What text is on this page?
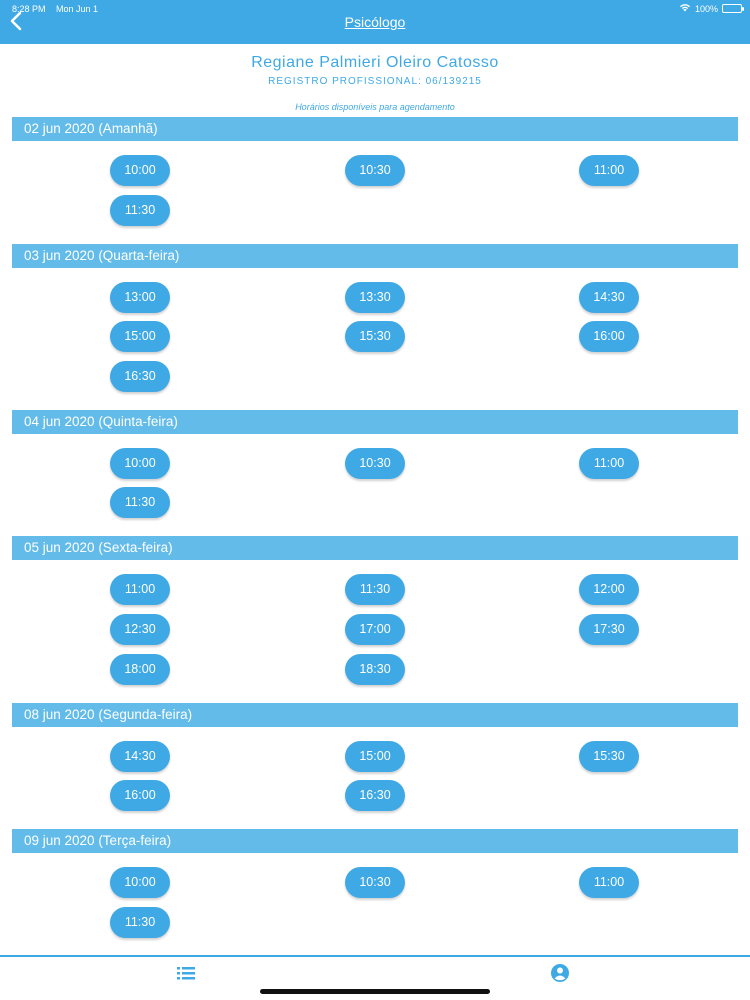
8:28 PM Mon Jun 1	100%
Psicólogo
Regiane Palmieri Oleiro Catosso
REGISTRO PROFISSIONAL: 06/139215
Horários disponíveis para agendamento
02 jun 2020 (Amanhã)
10:00	10:30	11:00
11:30
03 jun 2020 (Quarta-feira)
13:00	13:30	14:30
15:00	15:30	16:00
16:30
04 jun 2020 (Quinta-feira)
10:00	10:30	11:00
11:30
05 jun 2020 (Sexta-feira)
11:00	11:30	12:00
12:30	17:00	17:30
18:00	18:30
08 jun 2020 (Segunda-feira)
14:30	15:00	15:30
16:00	16:30
09 jun 2020 (Terça-feira)
10:00	10:30	11:00
11:30
